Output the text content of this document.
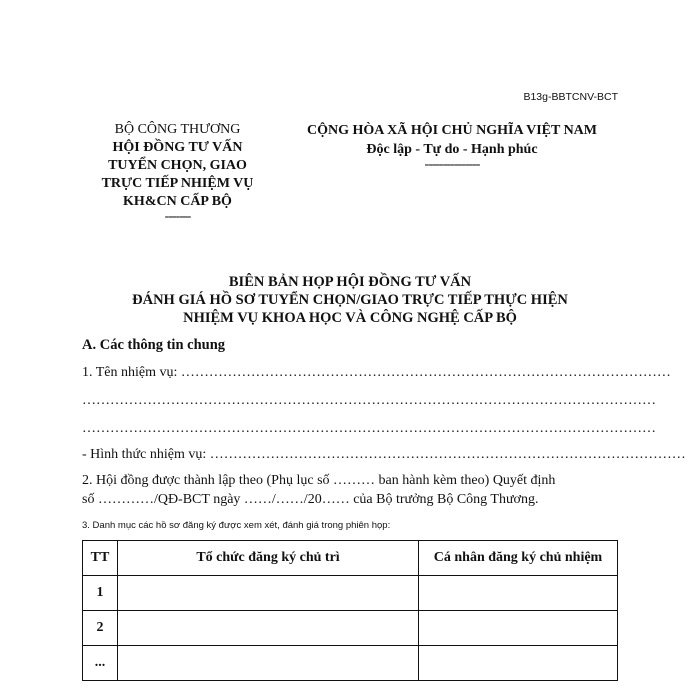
B13g-BBTCNV-BCT
BỘ CÔNG THƯƠNG
HỘI ĐỒNG TƯ VẤN
TUYỂN CHỌN, GIAO
TRỰC TIẾP NHIỆM VỤ
KH&CN CẤP BỘ
-------
CỘNG HÒA XÃ HỘI CHỦ NGHĨA VIỆT NAM
Độc lập - Tự do - Hạnh phúc
---------------
BIÊN BẢN HỌP HỘI ĐỒNG TƯ VẤN
ĐÁNH GIÁ HỒ SƠ TUYỂN CHỌN/GIAO TRỰC TIẾP THỰC HIỆN
NHIỆM VỤ KHOA HỌC VÀ CÔNG NGHỆ CẤP BỘ
A. Các thông tin chung
1. Tên nhiệm vụ: ……………………………………………………………………………………………
……………………………………………………………………………………………………………
……………………………………………………………………………………………………………
- Hình thức nhiệm vụ: …………………………………………………………………………………………
2. Hội đồng được thành lập theo (Phụ lục số ……… ban hành kèm theo) Quyết định
số …………/QĐ-BCT ngày ……/……/20…… của Bộ trưởng Bộ Công Thương.
3. Danh mục các hồ sơ đăng ký được xem xét, đánh giá trong phiên họp:
TT	Tổ chức đăng ký chủ trì	Cá nhân đăng ký chủ nhiệm
1		
2		
...		
